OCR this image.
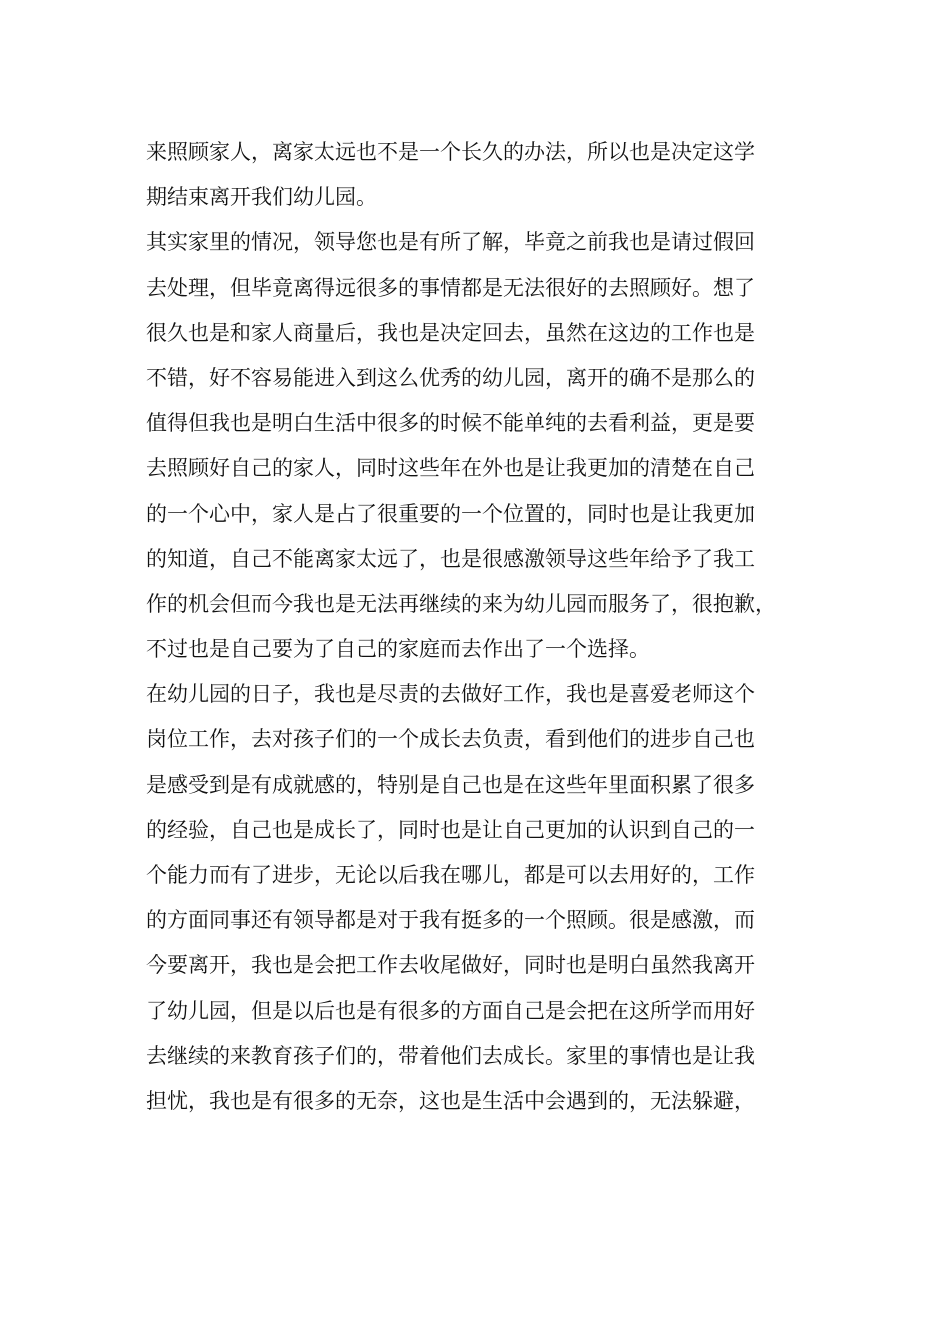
来照顾家人，离家太远也不是一个长久的办法，所以也是决定这学
期结束离开我们幼儿园。
其实家里的情况，领导您也是有所了解，毕竟之前我也是请过假回
去处理，但毕竟离得远很多的事情都是无法很好的去照顾好。想了
很久也是和家人商量后，我也是决定回去，虽然在这边的工作也是
不错，好不容易能进入到这么优秀的幼儿园，离开的确不是那么的
值得但我也是明白生活中很多的时候不能单纯的去看利益，更是要
去照顾好自己的家人，同时这些年在外也是让我更加的清楚在自己
的一个心中，家人是占了很重要的一个位置的，同时也是让我更加
的知道，自己不能离家太远了，也是很感激领导这些年给予了我工
作的机会但而今我也是无法再继续的来为幼儿园而服务了，很抱歉，
不过也是自己要为了自己的家庭而去作出了一个选择。
在幼儿园的日子，我也是尽责的去做好工作，我也是喜爱老师这个
岗位工作，去对孩子们的一个成长去负责，看到他们的进步自己也
是感受到是有成就感的，特别是自己也是在这些年里面积累了很多
的经验，自己也是成长了，同时也是让自己更加的认识到自己的一
个能力而有了进步，无论以后我在哪儿，都是可以去用好的，工作
的方面同事还有领导都是对于我有挺多的一个照顾。很是感激，而
今要离开，我也是会把工作去收尾做好，同时也是明白虽然我离开
了幼儿园，但是以后也是有很多的方面自己是会把在这所学而用好
去继续的来教育孩子们的，带着他们去成长。家里的事情也是让我
担忧，我也是有很多的无奈，这也是生活中会遇到的，无法躲避，
